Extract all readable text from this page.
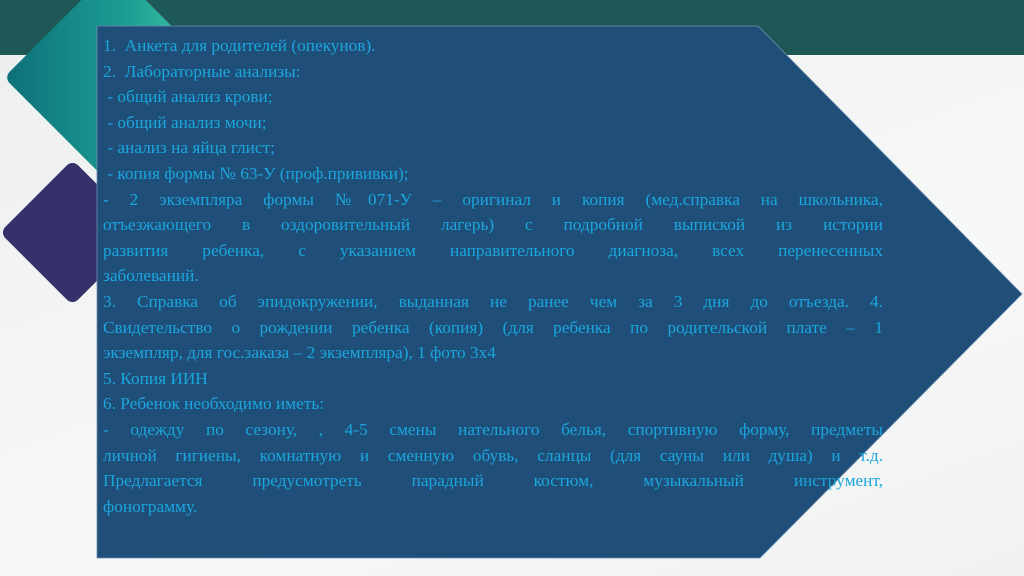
1.  Анкета для родителей (опекунов).
2.  Лабораторные анализы:
- общий анализ крови;
- общий анализ мочи;
- анализ на яйца глист;
- копия формы № 63-У (проф.прививки);
- 2 экземпляра формы №071-У – оригинал и копия (мед.справка на школьника,
отъезжающего в оздоровительный лагерь) с подробной выпиской из истории
развития ребенка, с указанием направительного диагноза, всех перенесенных
заболеваний.
3. Справка об эпидокружении, выданная не ранее чем за 3 дня до отъезда. 4.
Свидетельство о рождении ребенка (копия) (для ребенка по родительской плате – 1
экземпляр, для гос.заказа – 2 экземпляра), 1 фото 3х4
5. Копия ИИН
6. Ребенок необходимо иметь:
- одежду по сезону, , 4-5 смены нательного белья, спортивную форму, предметы
личной гигиены, комнатную и сменную обувь, сланцы (для сауны или душа) и т.д.
Предлагается предусмотреть парадный костюм, музыкальный инструмент,
фонограмму.
